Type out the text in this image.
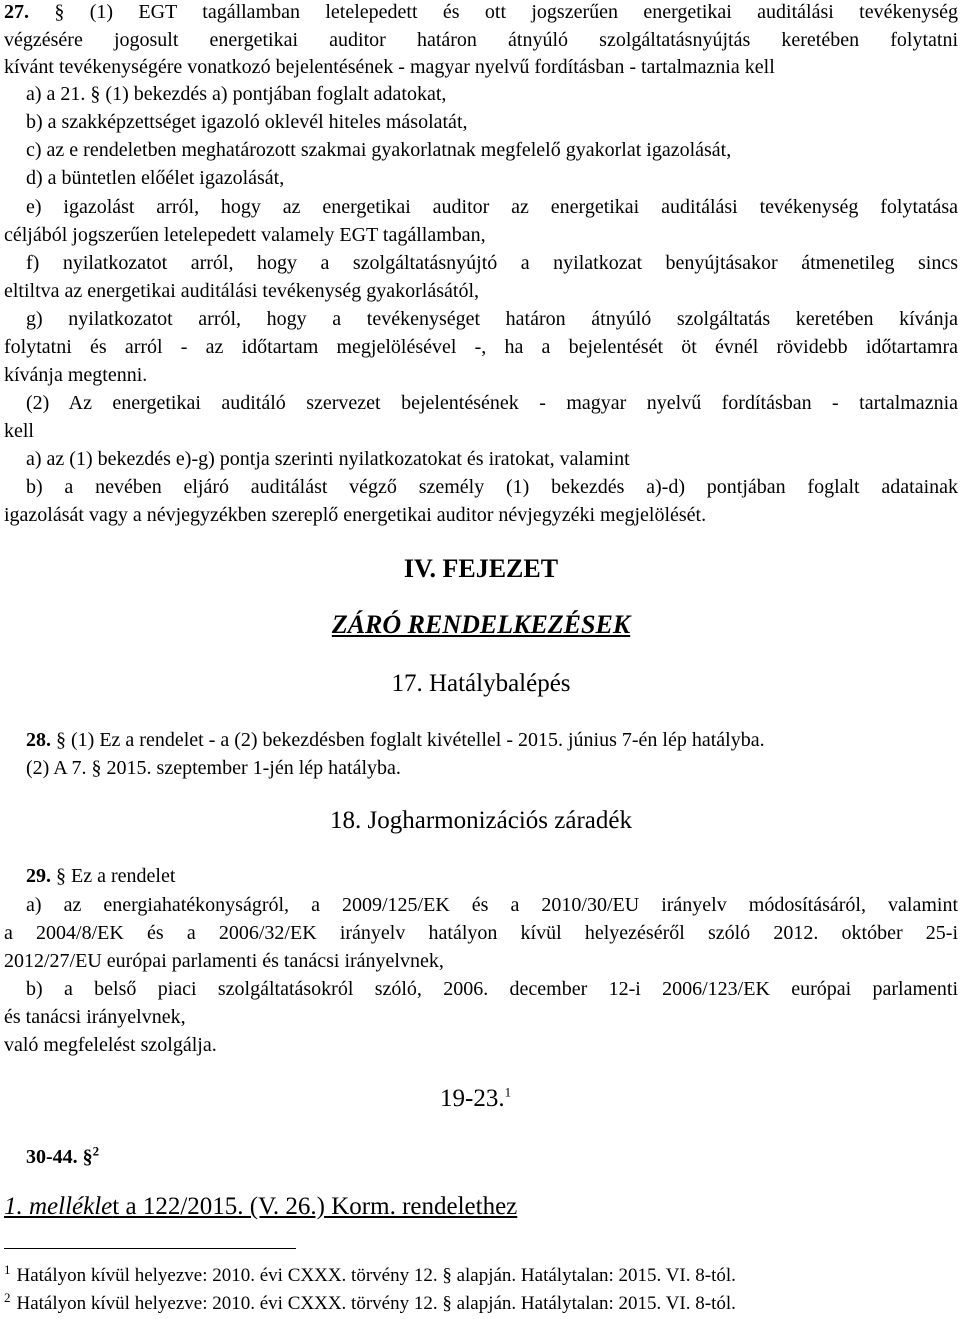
27. § (1) EGT tagállamban letelepedett és ott jogszerűen energetikai auditálási tevékenység
végzésére jogosult energetikai auditor határon átnyúló szolgáltatásnyújtás keretében folytatni
kívánt tevékenységére vonatkozó bejelentésének - magyar nyelvű fordításban - tartalmaznia kell
a) a 21. § (1) bekezdés a) pontjában foglalt adatokat,
b) a szakképzettséget igazoló oklevél hiteles másolatát,
c) az e rendeletben meghatározott szakmai gyakorlatnak megfelelő gyakorlat igazolását,
d) a büntetlen előélet igazolását,
e) igazolást arról, hogy az energetikai auditor az energetikai auditálási tevékenység folytatása
céljából jogszerűen letelepedett valamely EGT tagállamban,
f) nyilatkozatot arról, hogy a szolgáltatásnyújtó a nyilatkozat benyújtásakor átmenetileg sincs
eltiltva az energetikai auditálási tevékenység gyakorlásától,
g) nyilatkozatot arról, hogy a tevékenységet határon átnyúló szolgáltatás keretében kívánja
folytatni és arról - az időtartam megjelölésével -, ha a bejelentését öt évnél rövidebb időtartamra
kívánja megtenni.
(2) Az energetikai auditáló szervezet bejelentésének - magyar nyelvű fordításban - tartalmaznia
kell
a) az (1) bekezdés e)-g) pontja szerinti nyilatkozatokat és iratokat, valamint
b) a nevében eljáró auditálást végző személy (1) bekezdés a)-d) pontjában foglalt adatainak
igazolását vagy a névjegyzékben szereplő energetikai auditor névjegyzéki megjelölését.
IV. FEJEZET
ZÁRÓ RENDELKEZÉSEK
17. Hatálybalépés
28. § (1) Ez a rendelet - a (2) bekezdésben foglalt kivétellel - 2015. június 7-én lép hatályba.
(2) A 7. § 2015. szeptember 1-jén lép hatályba.
18. Jogharmonizációs záradék
29. § Ez a rendelet
a) az energiahatékonyságról, a 2009/125/EK és a 2010/30/EU irányelv módosításáról, valamint
a 2004/8/EK és a 2006/32/EK irányelv hatályon kívül helyezéséről szóló 2012. október 25-i
2012/27/EU európai parlamenti és tanácsi irányelvnek,
b) a belső piaci szolgáltatásokról szóló, 2006. december 12-i 2006/123/EK európai parlamenti
és tanácsi irányelvnek,
való megfelelést szolgálja.
19-23.$^1$
30-44. §$^2$
1. melléklet a 122/2015. (V. 26.) Korm. rendelethez
$^1$ Hatályon kívül helyezve: 2010. évi CXXX. törvény 12. § alapján. Hatálytalan: 2015. VI. 8-tól.
$^2$ Hatályon kívül helyezve: 2010. évi CXXX. törvény 12. § alapján. Hatálytalan: 2015. VI. 8-tól.
